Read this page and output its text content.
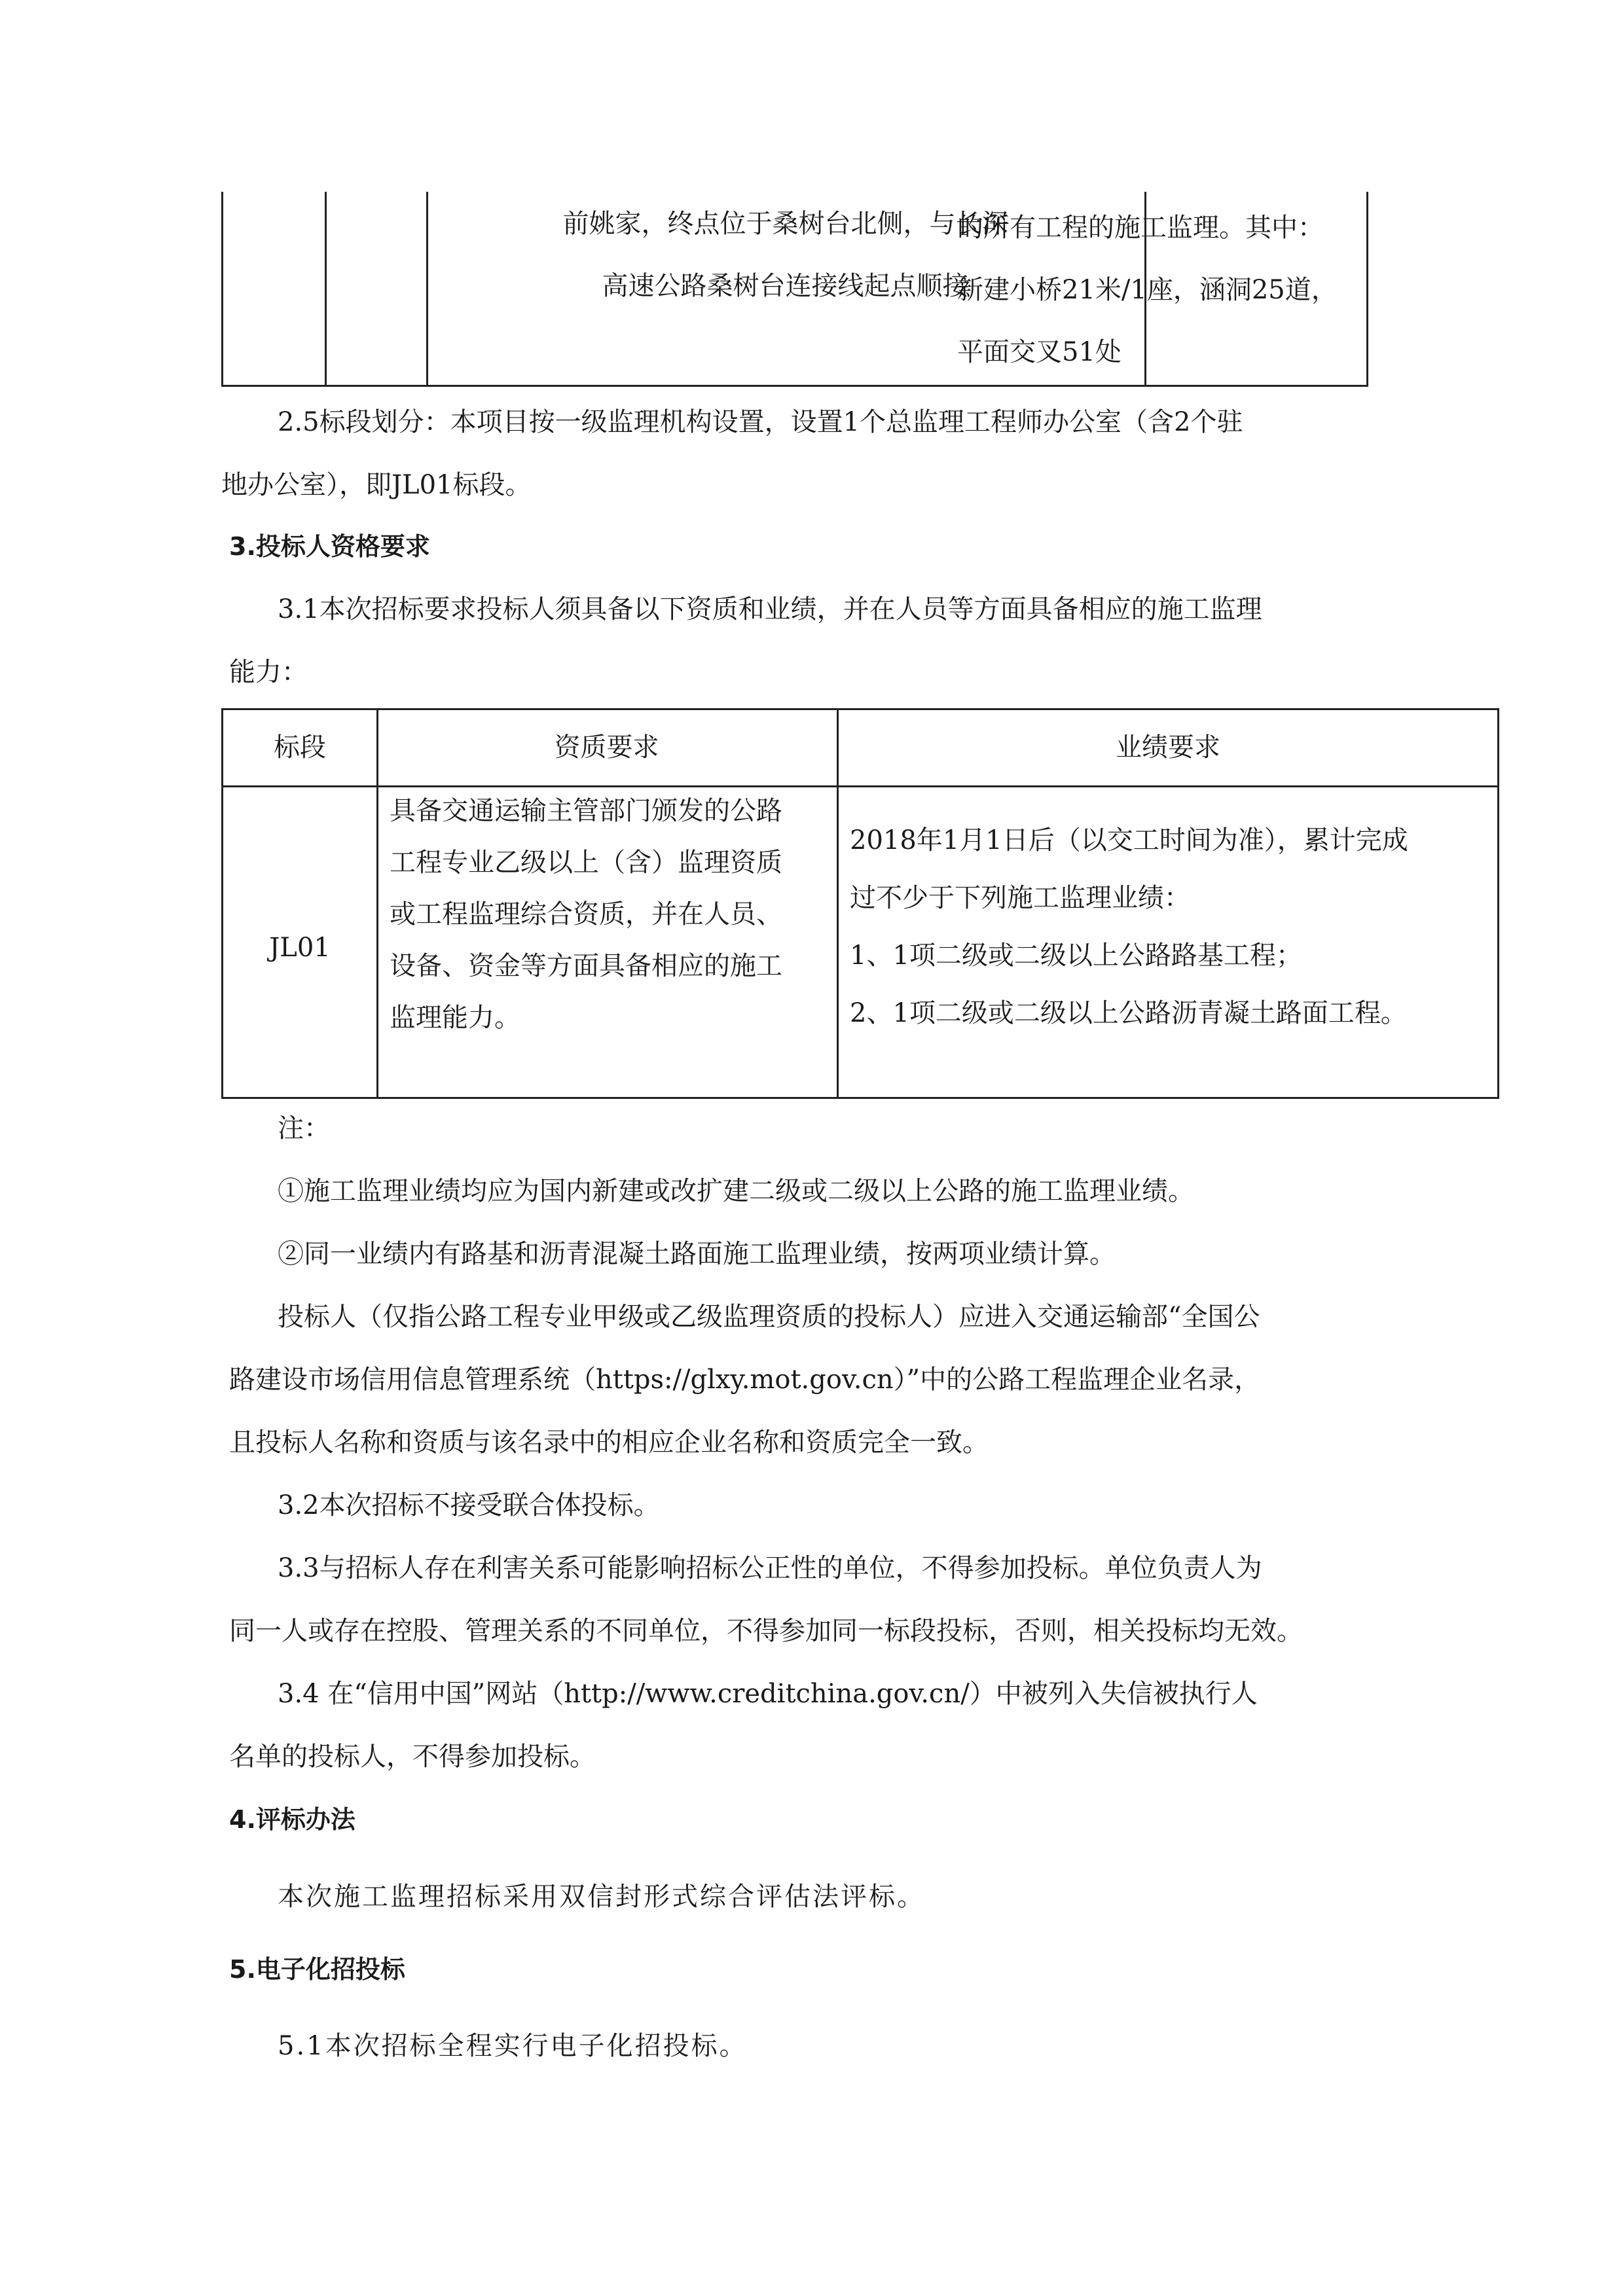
前姚家，终点位于桑树台北侧，与长深
高速公路桑树台连接线起点顺接
的所有工程的施工监理。其中：
新建小桥21米/1座，涵洞25道，
平面交叉51处
2.5标段划分：本项目按一级监理机构设置，设置1个总监理工程师办公室（含2个驻
地办公室），即JL01标段。
3.投标人资格要求
3.1本次招标要求投标人须具备以下资质和业绩，并在人员等方面具备相应的施工监理
能力：
标段	资质要求	业绩要求
JL01
具备交通运输主管部门颁发的公路
工程专业乙级以上（含）监理资质
或工程监理综合资质，并在人员、
设备、资金等方面具备相应的施工
监理能力。
2018年1月1日后（以交工时间为准），累计完成
过不少于下列施工监理业绩：
1、1项二级或二级以上公路路基工程；
2、1项二级或二级以上公路沥青凝土路面工程。
注：
①施工监理业绩均应为国内新建或改扩建二级或二级以上公路的施工监理业绩。
②同一业绩内有路基和沥青混凝土路面施工监理业绩，按两项业绩计算。
投标人（仅指公路工程专业甲级或乙级监理资质的投标人）应进入交通运输部“全国公
路建设市场信用信息管理系统（https://glxy.mot.gov.cn）”中的公路工程监理企业名录，
且投标人名称和资质与该名录中的相应企业名称和资质完全一致。
3.2本次招标不接受联合体投标。
3.3与招标人存在利害关系可能影响招标公正性的单位，不得参加投标。单位负责人为
同一人或存在控股、管理关系的不同单位，不得参加同一标段投标，否则，相关投标均无效。
3.4 在“信用中国”网站（http://www.creditchina.gov.cn/）中被列入失信被执行人
名单的投标人，不得参加投标。
4.评标办法
本次施工监理招标采用双信封形式综合评估法评标。
5.电子化招投标
5.1本次招标全程实行电子化招投标。
